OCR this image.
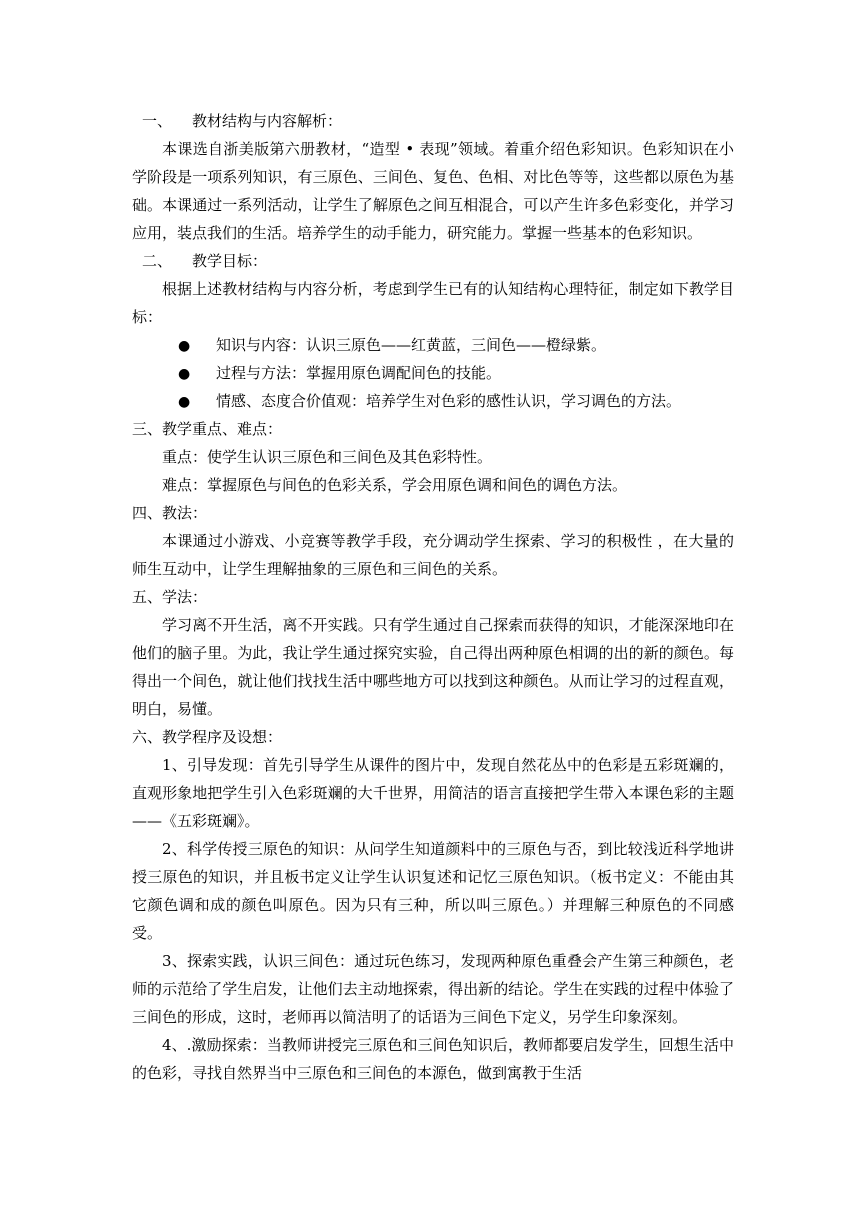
一、 教材结构与内容解析：

本课选自浙美版第六册教材，“造型 • 表现”领域。着重介绍色彩知识。色彩知识在小学阶段是一项系列知识，有三原色、三间色、复色、色相、对比色等等，这些都以原色为基础。本课通过一系列活动，让学生了解原色之间互相混合，可以产生许多色彩变化，并学习应用，装点我们的生活。培养学生的动手能力，研究能力。掌握一些基本的色彩知识。

二、 教学目标：

根据上述教材结构与内容分析，考虑到学生已有的认知结构心理特征，制定如下教学目标：

● 知识与内容：认识三原色——红黄蓝，三间色——橙绿紫。
● 过程与方法：掌握用原色调配间色的技能。
● 情感、态度合价值观：培养学生对色彩的感性认识，学习调色的方法。
三、教学重点、难点：
重点：使学生认识三原色和三间色及其色彩特性。
难点：掌握原色与间色的色彩关系，学会用原色调和间色的调色方法。
四、教法：

本课通过小游戏、小竞赛等教学手段，充分调动学生探索、学习的积极性 ，在大量的师生互动中，让学生理解抽象的三原色和三间色的关系。

五、学法：

学习离不开生活，离不开实践。只有学生通过自己探索而获得的知识，才能深深地印在他们的脑子里。为此，我让学生通过探究实验，自己得出两种原色相调的出的新的颜色。每得出一个间色，就让他们找找生活中哪些地方可以找到这种颜色。从而让学习的过程直观，明白，易懂。

六、教学程序及设想：

1、引导发现：首先引导学生从课件的图片中，发现自然花丛中的色彩是五彩斑斓的，直观形象地把学生引入色彩斑斓的大千世界，用简洁的语言直接把学生带入本课色彩的主题——《五彩斑斓》。

2、科学传授三原色的知识：从问学生知道颜料中的三原色与否，到比较浅近科学地讲授三原色的知识，并且板书定义让学生认识复述和记忆三原色知识。（板书定义：不能由其它颜色调和成的颜色叫原色。因为只有三种，所以叫三原色。）并理解三种原色的不同感受。

3、探索实践，认识三间色：通过玩色练习，发现两种原色重叠会产生第三种颜色，老师的示范给了学生启发，让他们去主动地探索，得出新的结论。学生在实践的过程中体验了三间色的形成，这时，老师再以简洁明了的话语为三间色下定义，另学生印象深刻。

4、.激励探索：当教师讲授完三原色和三间色知识后，教师都要启发学生，回想生活中的色彩，寻找自然界当中三原色和三间色的本源色，做到寓教于生活
